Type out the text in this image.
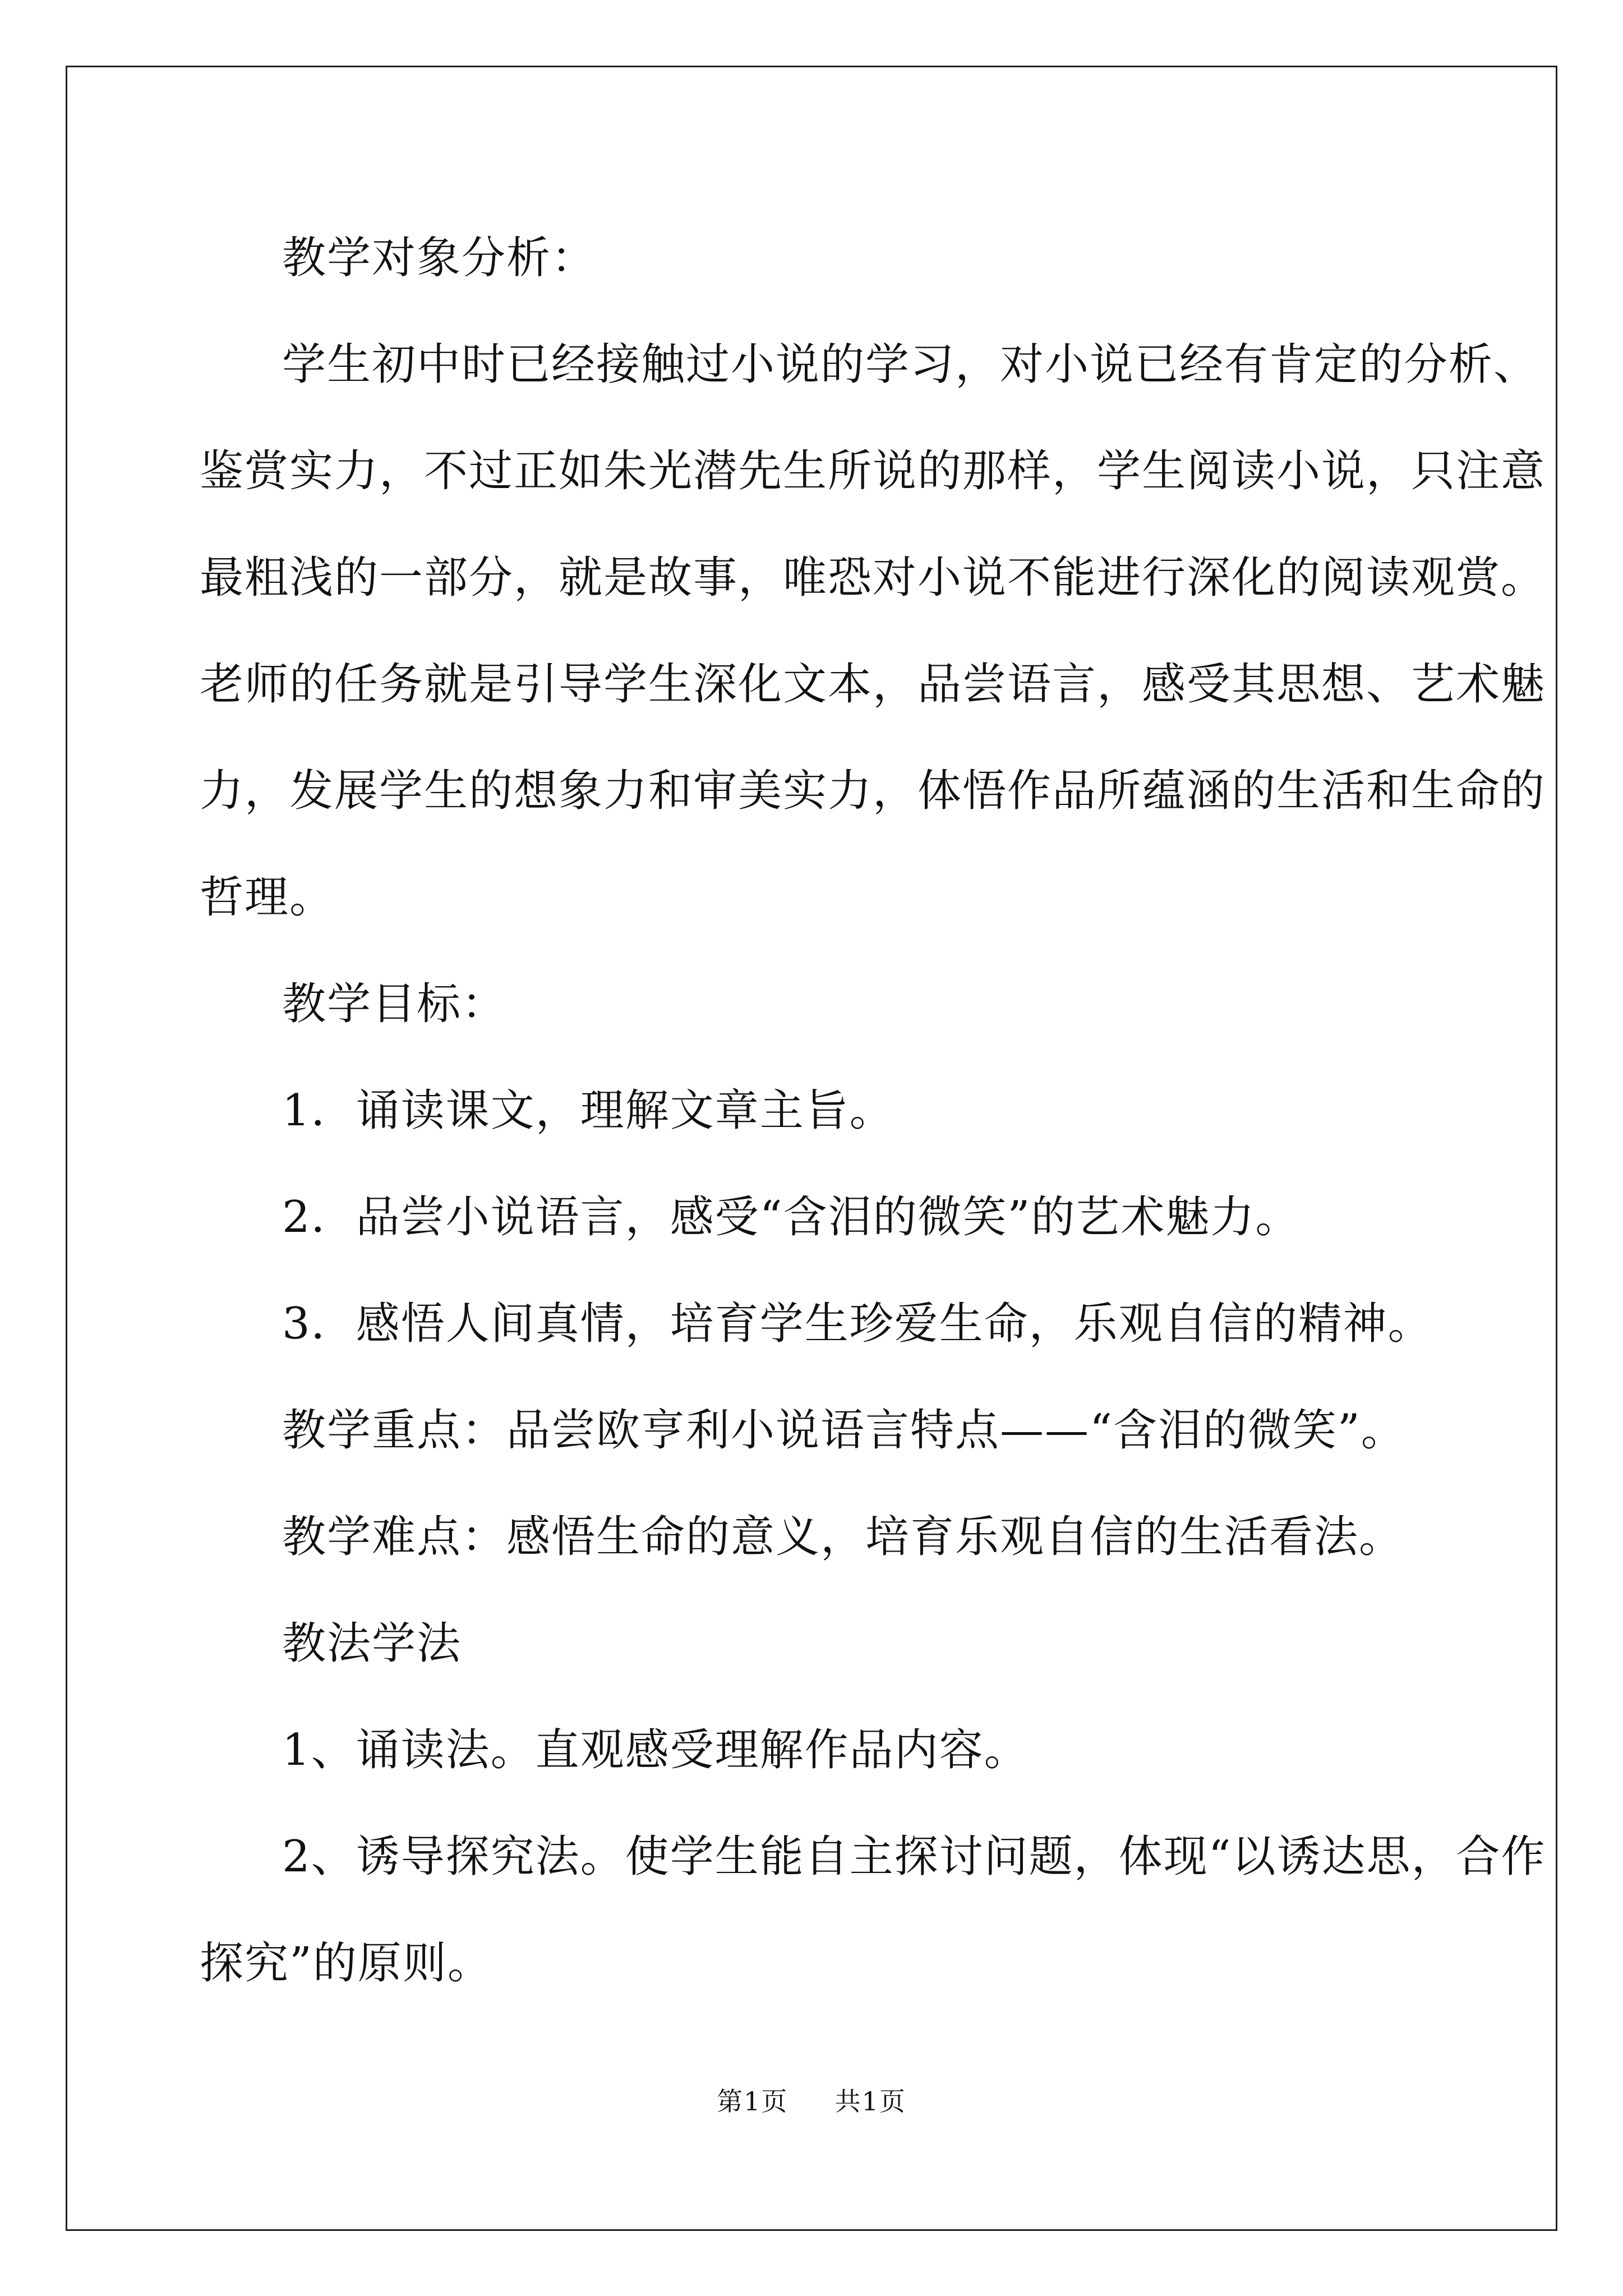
教学对象分析：
学生初中时已经接触过小说的学习，对小说已经有肯定的分析、
鉴赏实力，不过正如朱光潜先生所说的那样，学生阅读小说，只注意
最粗浅的一部分，就是故事，唯恐对小说不能进行深化的阅读观赏。
老师的任务就是引导学生深化文本，品尝语言，感受其思想、艺术魅
力，发展学生的想象力和审美实力，体悟作品所蕴涵的生活和生命的
哲理。
教学目标：
1．诵读课文，理解文章主旨。
2．品尝小说语言，感受“含泪的微笑”的艺术魅力。
3．感悟人间真情，培育学生珍爱生命，乐观自信的精神。
教学重点：品尝欧亨利小说语言特点——“含泪的微笑”。
教学难点：感悟生命的意义，培育乐观自信的生活看法。
教法学法
1、诵读法。直观感受理解作品内容。
2、诱导探究法。使学生能自主探讨问题，体现“以诱达思，合作
探究”的原则。
第1页 共1页
